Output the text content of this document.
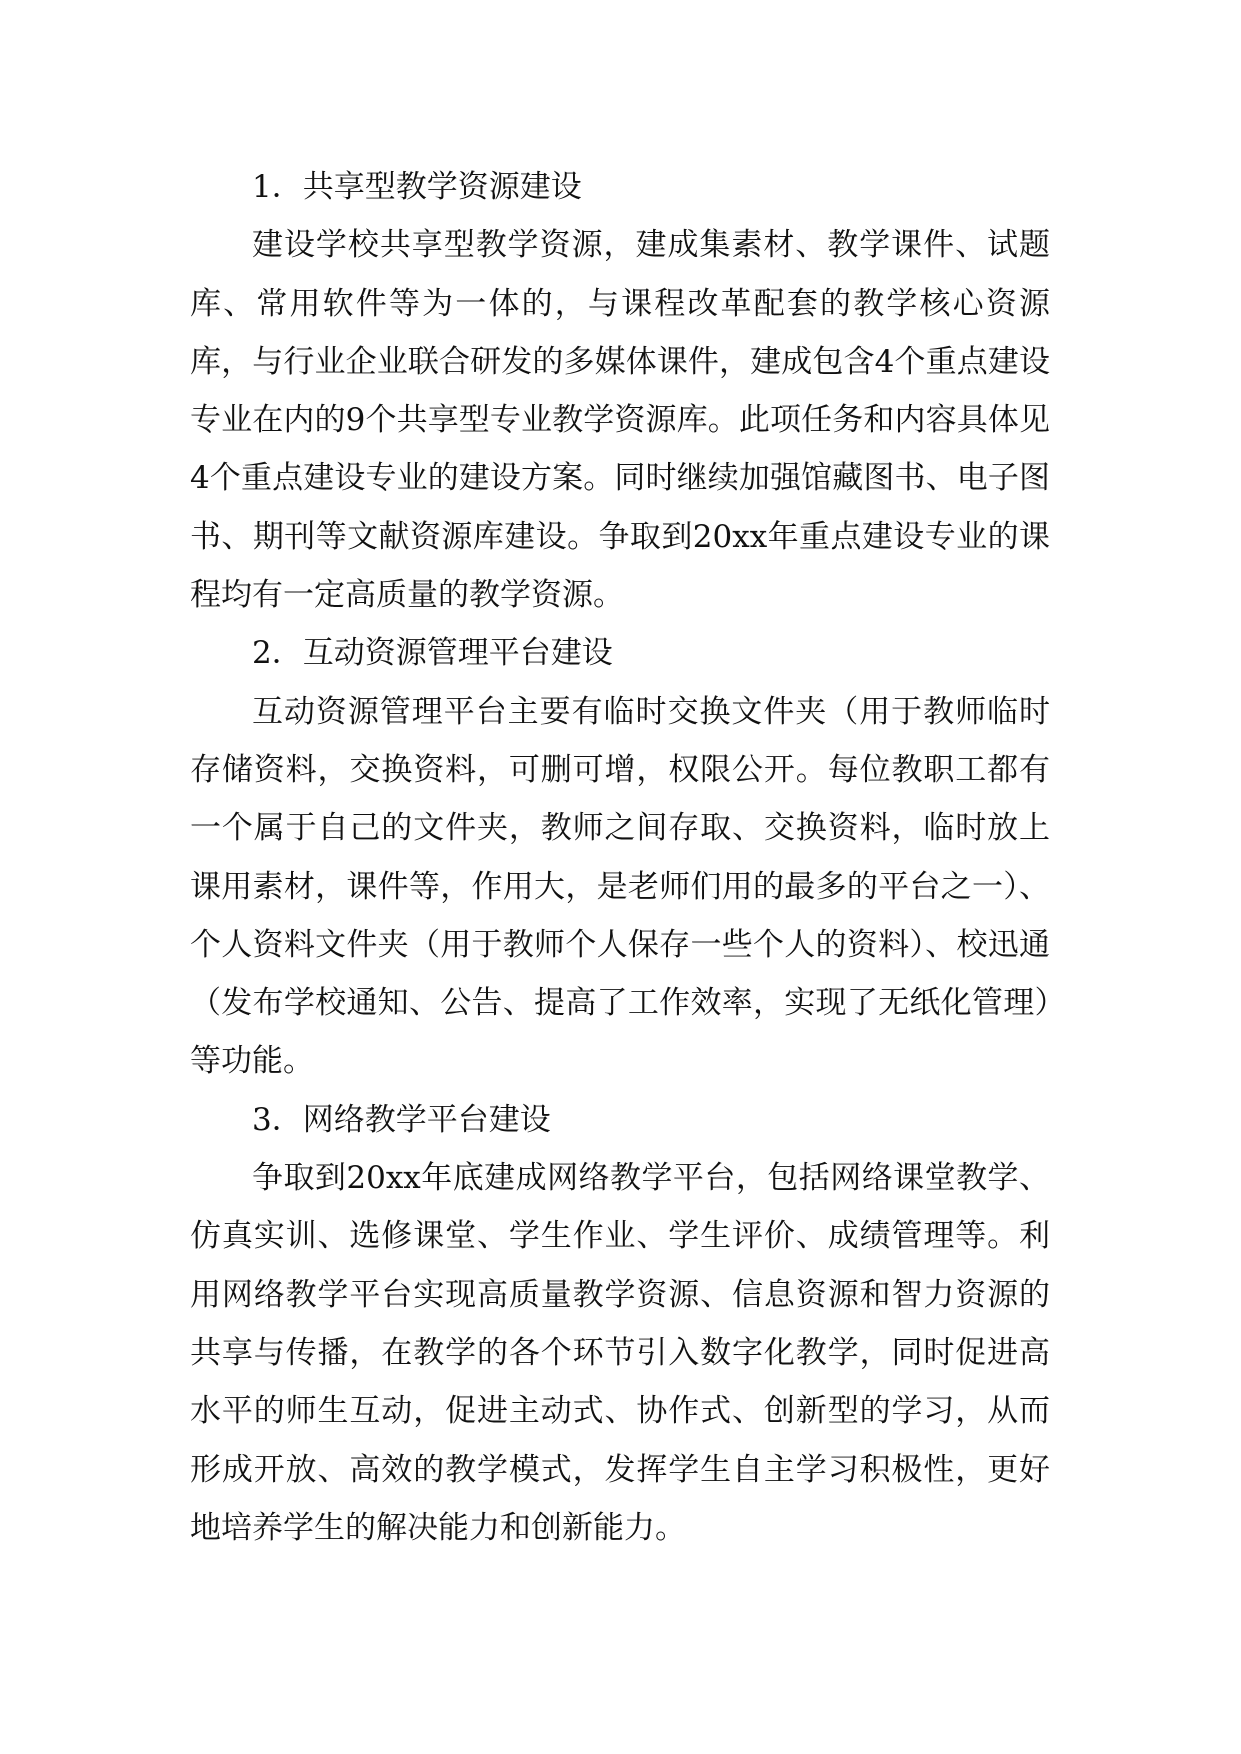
1．共享型教学资源建设

建设学校共享型教学资源，建成集素材、教学课件、试题库、常用软件等为一体的，与课程改革配套的教学核心资源库，与行业企业联合研发的多媒体课件，建成包含4个重点建设专业在内的9个共享型专业教学资源库。此项任务和内容具体见4个重点建设专业的建设方案。同时继续加强馆藏图书、电子图书、期刊等文献资源库建设。争取到20xx年重点建设专业的课程均有一定高质量的教学资源。

2．互动资源管理平台建设

互动资源管理平台主要有临时交换文件夹（用于教师临时存储资料，交换资料，可删可增，权限公开。每位教职工都有一个属于自己的文件夹，教师之间存取、交换资料，临时放上课用素材，课件等，作用大，是老师们用的最多的平台之一）、个人资料文件夹（用于教师个人保存一些个人的资料）、校迅通（发布学校通知、公告、提高了工作效率，实现了无纸化管理）等功能。

3．网络教学平台建设

争取到20xx年底建成网络教学平台，包括网络课堂教学、仿真实训、选修课堂、学生作业、学生评价、成绩管理等。利用网络教学平台实现高质量教学资源、信息资源和智力资源的共享与传播，在教学的各个环节引入数字化教学，同时促进高水平的师生互动，促进主动式、协作式、创新型的学习，从而形成开放、高效的教学模式，发挥学生自主学习积极性，更好地培养学生的解决能力和创新能力。
